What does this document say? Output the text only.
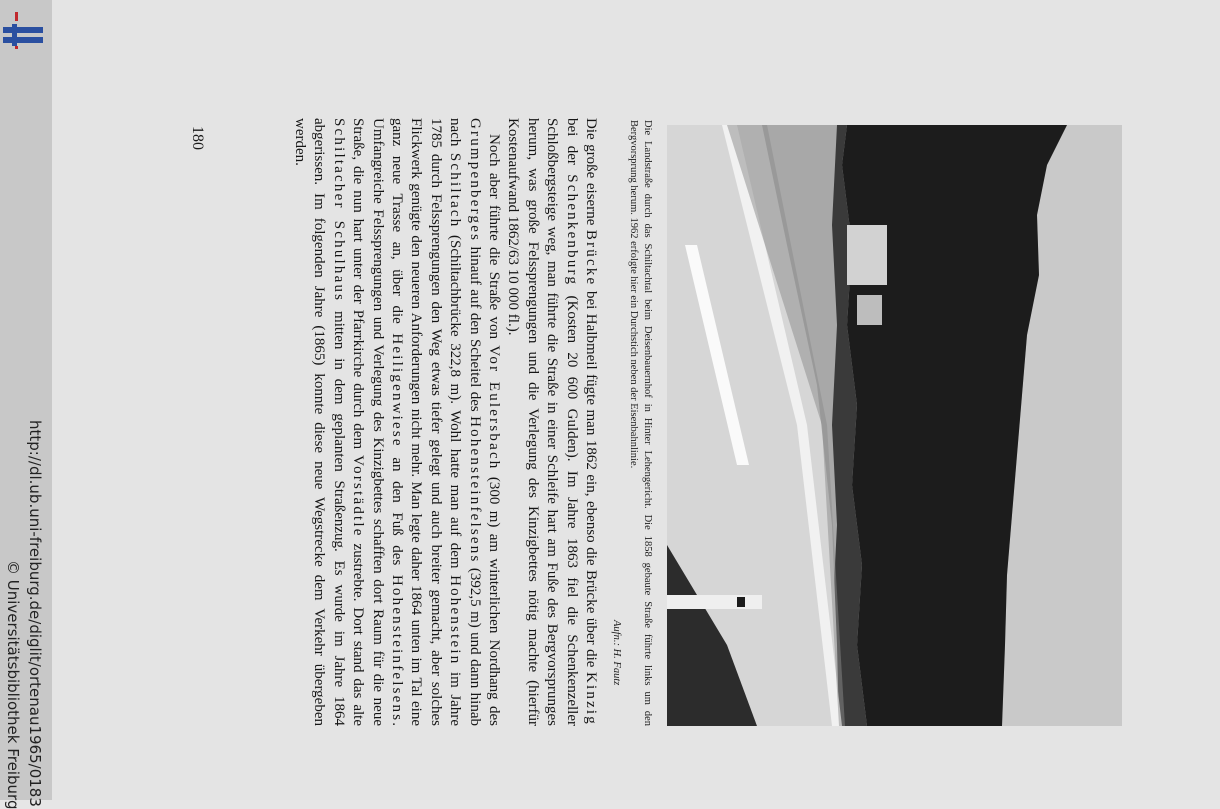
http://dl.ub.uni-freiburg.de/diglit/ortenau1965/0183
© Universitätsbibliothek Freiburg
180	Die große eiserne Brücke bei Halbmeil fügte man 1862 ein, ebenso die Brücke über die Kinzig bei der Schenkenburg (Kosten 20 600 Gulden). Im Jahre 1863 fiel die Schenkenzeller Schloßbergsteige weg, man führte die Straße in einer Schleife hart am Fuße des Bergvorsprunges herum, was große Felssprengungen und die Verlegung des Kinzigbettes nötig machte (hierfür Kostenaufwand 1862/63 10 000 fl.).

Noch aber führte die Straße von Vor Eulersbach (300 m) am winterlichen Nordhang des Grumpenberges hinauf auf den Scheitel des Hohensteinfelsens (392,5 m) und dann hinab nach Schiltach (Schiltachbrücke 322,8 m). Wohl hatte man auf dem Hohenstein im Jahre 1785 durch Felssprengungen den Weg etwas tiefer gelegt und auch breiter gemacht, aber solches Flickwerk genügte den neueren Anforderungen nicht mehr. Man legte daher 1864 unten im Tal eine ganz neue Trasse an, über die Heiligenwiese an den Fuß des Hohensteinfelsens. Umfangreiche Felssprengungen und Verlegung des Kinzigbettes schafften dort Raum für die neue Straße, die nun hart unter der Pfarrkirche durch dem Vorstädtle zustrebte. Dort stand das alte Schiltacher Schulhaus mitten in dem geplanten Straßenzug. Es wurde im Jahre 1864 abgerissen. Im folgenden Jahre (1865) konnte diese neue Wegstrecke dem Verkehr übergeben werden.	Die Landstraße durch das Schiltachtal beim Deisenbauernhof in Hinter Lehengericht. Die 1858 gebaute Straße führte links um den Bergvorsprung herum. 1962 erfolgte hier ein Durchstich neben der Eisenbahnlinie.

Aufn.: H. Fautz
